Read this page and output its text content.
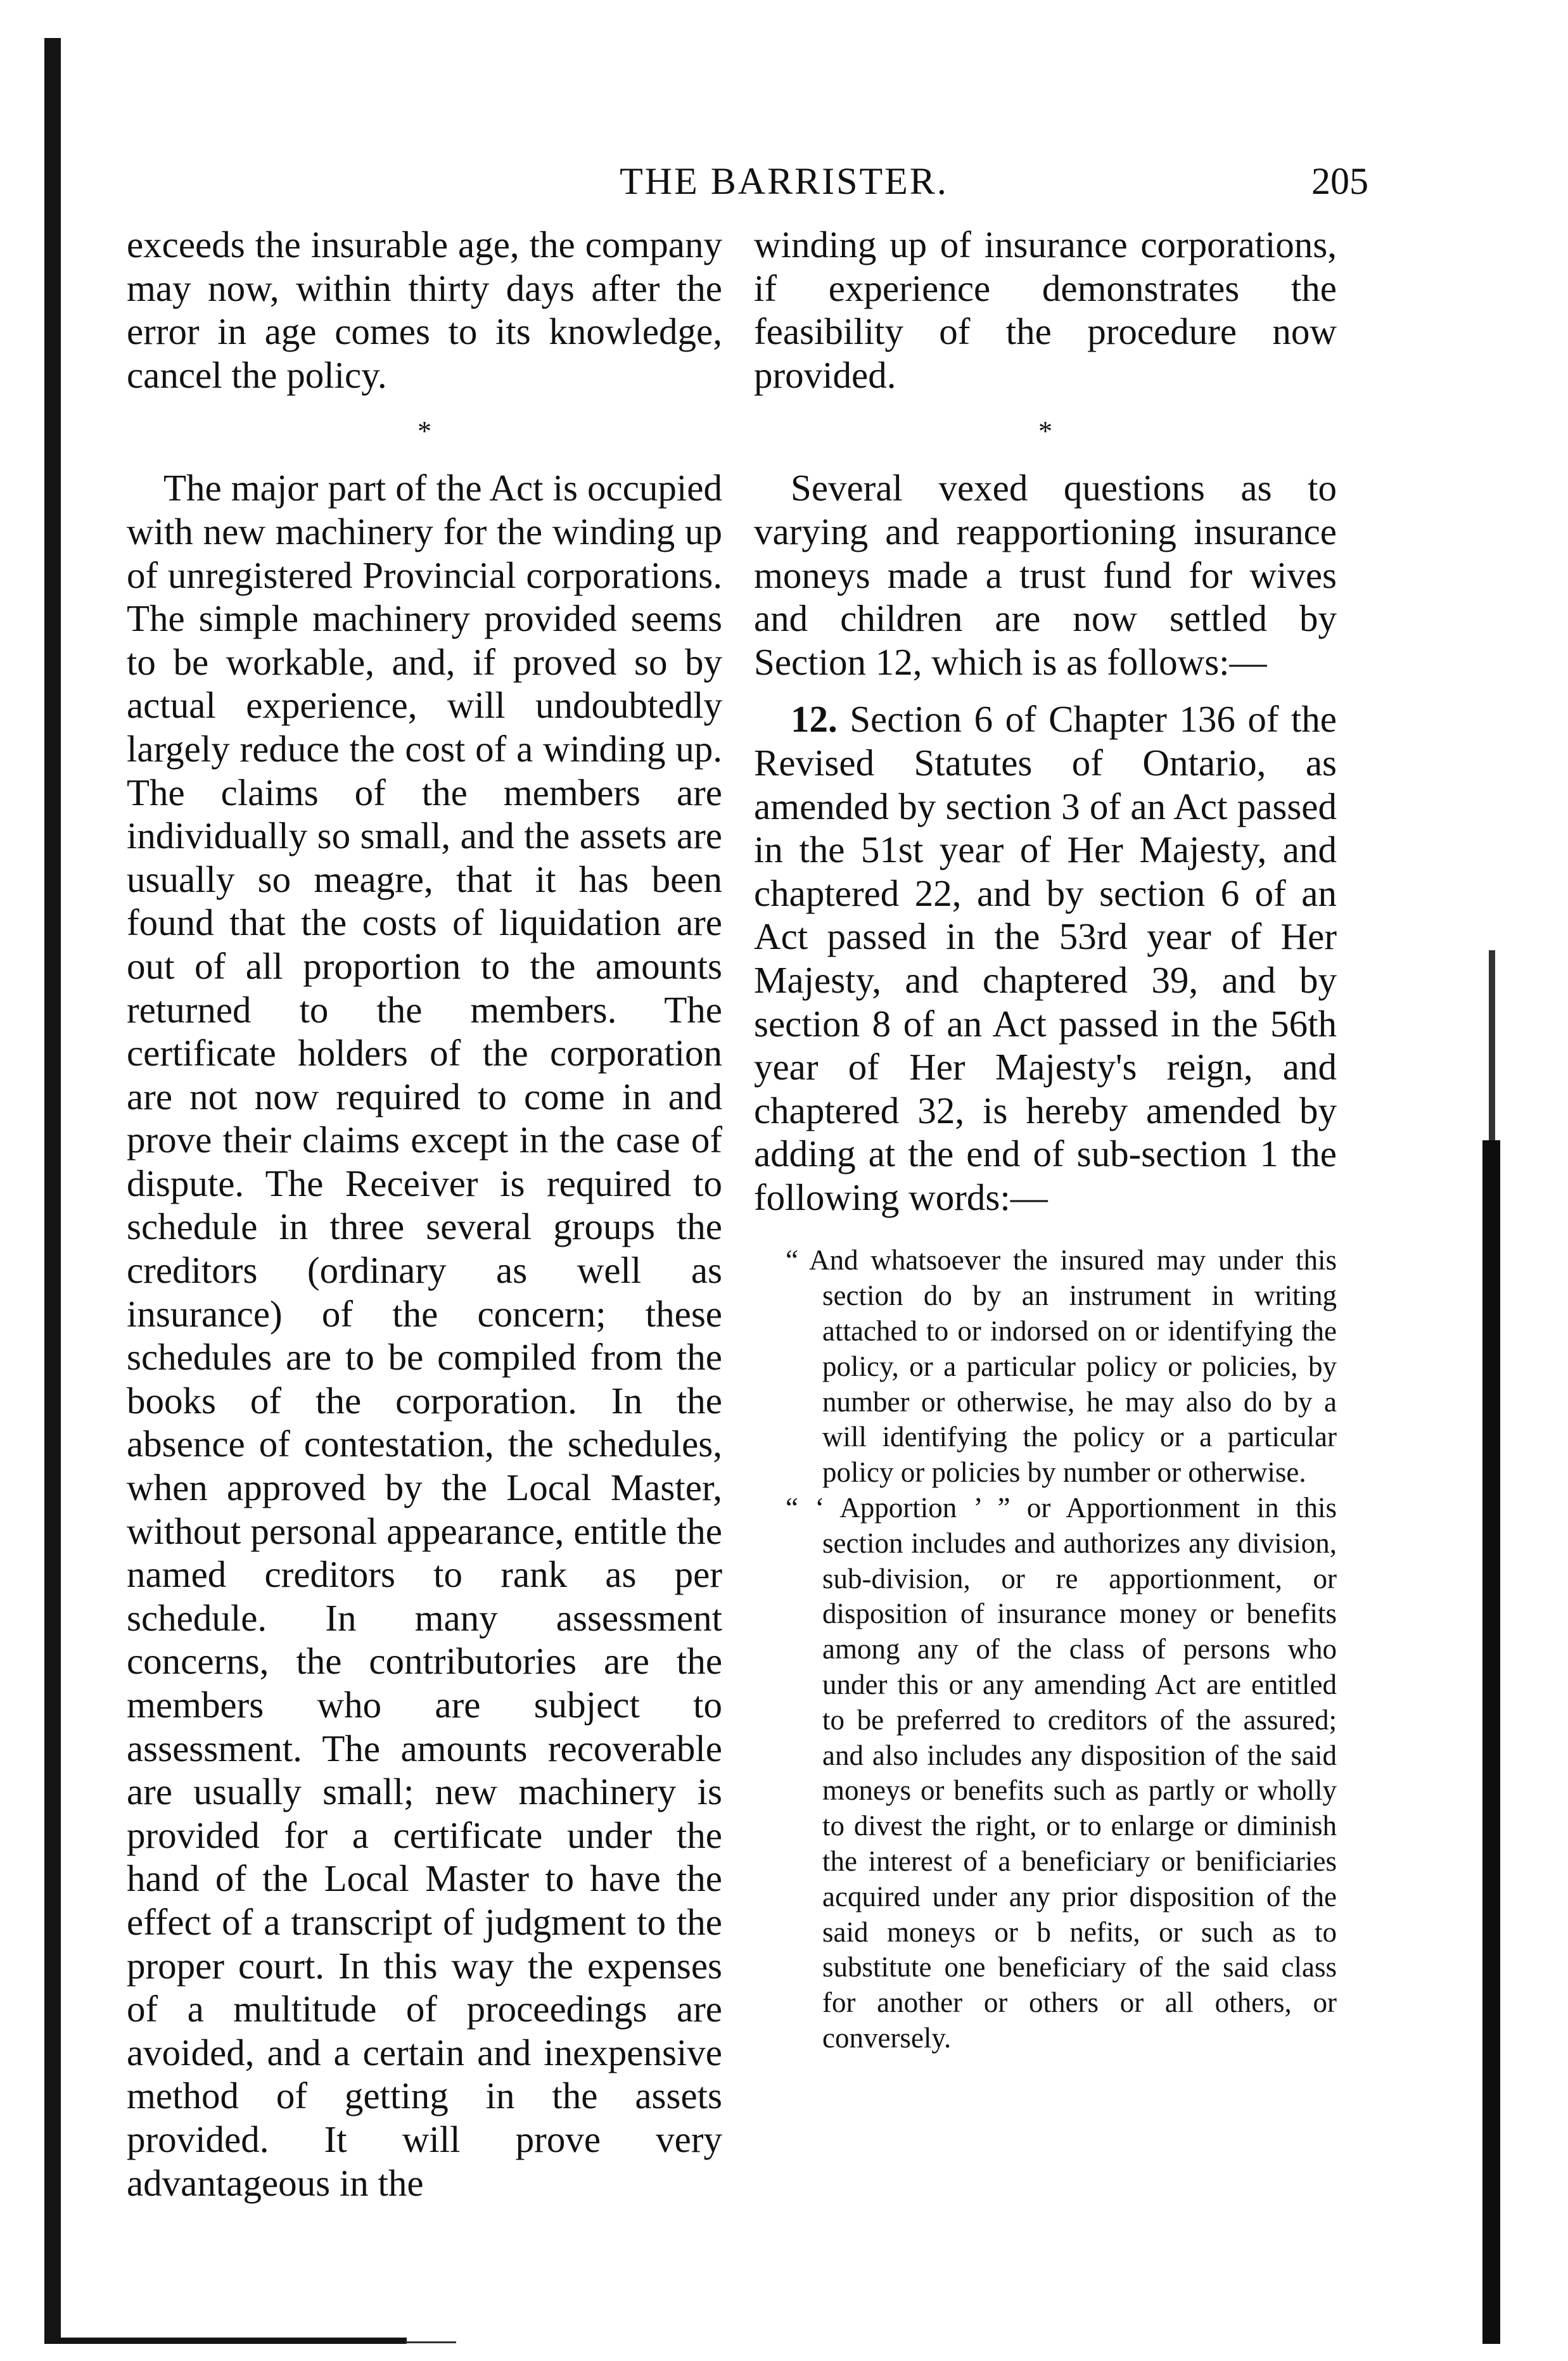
THE BARRISTER.	205

exceeds the insurable age, the company may now, within thirty days after the error in age comes to its knowledge, cancel the policy.

*

The major part of the Act is occupied with new machinery for the winding up of unregistered Provincial corporations. The simple machinery provided seems to be workable, and, if proved so by actual experience, will undoubtedly largely reduce the cost of a winding up. The claims of the members are individually so small, and the assets are usually so meagre, that it has been found that the costs of liquidation are out of all proportion to the amounts returned to the members. The certificate holders of the corporation are not now required to come in and prove their claims except in the case of dispute. The Receiver is required to schedule in three several groups the creditors (ordinary as well as insurance) of the concern; these schedules are to be compiled from the books of the corporation. In the absence of contestation, the schedules, when approved by the Local Master, without personal appearance, entitle the named creditors to rank as per schedule. In many assessment concerns, the contributories are the members who are subject to assessment. The amounts recoverable are usually small; new machinery is provided for a certificate under the hand of the Local Master to have the effect of a transcript of judgment to the proper court. In this way the expenses of a multitude of proceedings are avoided, and a certain and inexpensive method of getting in the assets provided. It will prove very advantageous in the

winding up of insurance corporations, if experience demonstrates the feasibility of the procedure now provided.

*

Several vexed questions as to varying and reapportioning insurance moneys made a trust fund for wives and children are now settled by Section 12, which is as follows:—

12. Section 6 of Chapter 136 of the Revised Statutes of Ontario, as amended by section 3 of an Act passed in the 51st year of Her Majesty, and chaptered 22, and by section 6 of an Act passed in the 53rd year of Her Majesty, and chaptered 39, and by section 8 of an Act passed in the 56th year of Her Majesty's reign, and chaptered 32, is hereby amended by adding at the end of sub-section 1 the following words:—

“ And whatsoever the insured may under this section do by an instrument in writing attached to or indorsed on or identifying the policy, or a particular policy or policies, by number or otherwise, he may also do by a will identifying the policy or a particular policy or policies by number or otherwise.

“ ‘ Apportion ’ ” or Apportionment in this section includes and authorizes any division, sub-division, or re apportionment, or disposition of insurance money or benefits among any of the class of persons who under this or any amending Act are entitled to be preferred to creditors of the assured; and also includes any disposition of the said moneys or benefits such as partly or wholly to divest the right, or to enlarge or diminish the interest of a beneficiary or benificiaries acquired under any prior disposition of the said moneys or b nefits, or such as to substitute one beneficiary of the said class for another or others or all others, or conversely.
